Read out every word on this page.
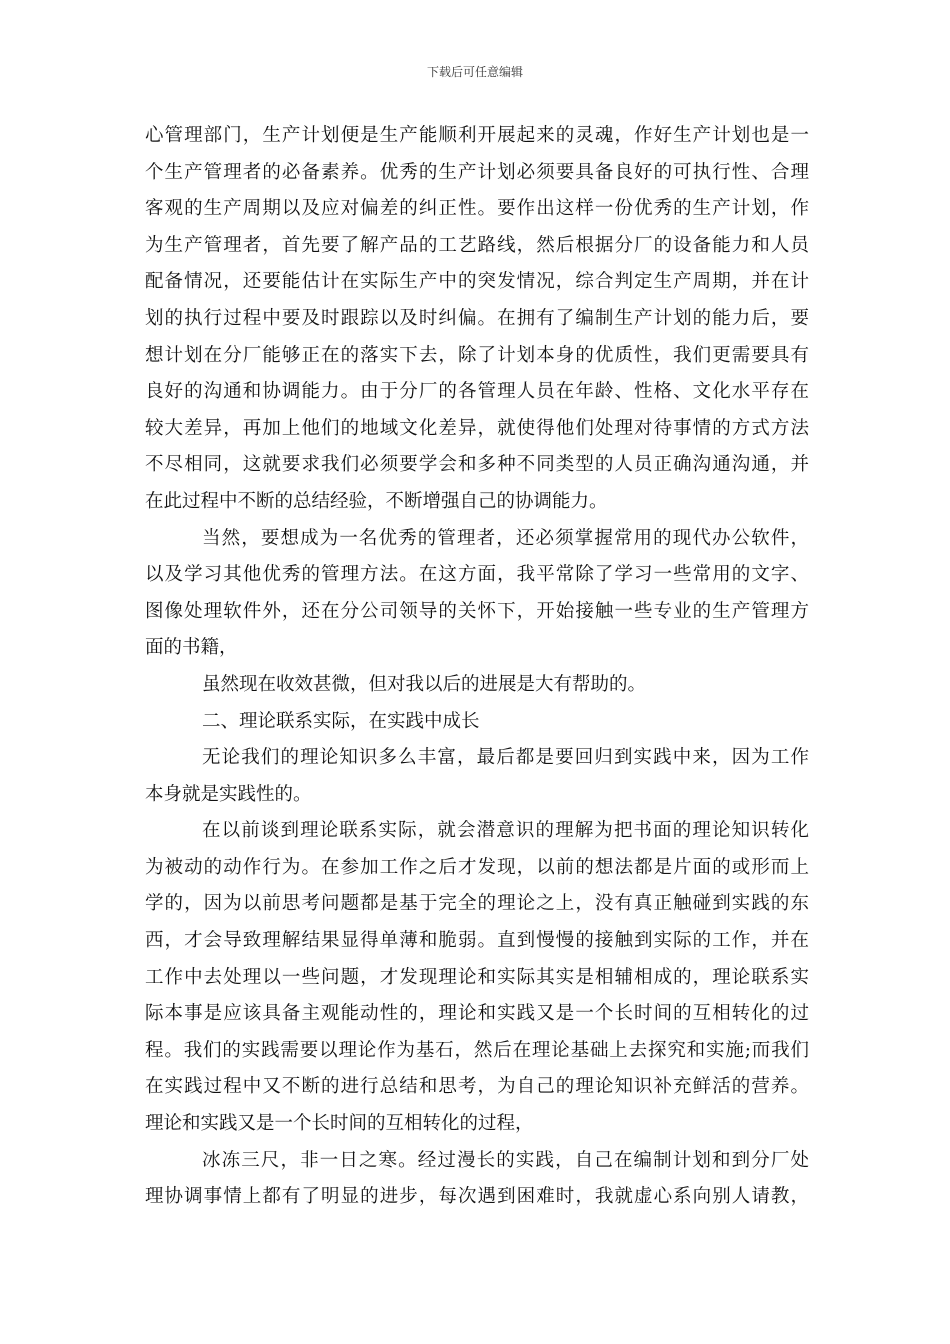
下载后可任意编辑
心管理部门，生产计划便是生产能顺利开展起来的灵魂，作好生产计划也是一
个生产管理者的必备素养。优秀的生产计划必须要具备良好的可执行性、合理
客观的生产周期以及应对偏差的纠正性。要作出这样一份优秀的生产计划，作
为生产管理者，首先要了解产品的工艺路线，然后根据分厂的设备能力和人员
配备情况，还要能估计在实际生产中的突发情况，综合判定生产周期，并在计
划的执行过程中要及时跟踪以及时纠偏。在拥有了编制生产计划的能力后，要
想计划在分厂能够正在的落实下去，除了计划本身的优质性，我们更需要具有
良好的沟通和协调能力。由于分厂的各管理人员在年龄、性格、文化水平存在
较大差异，再加上他们的地域文化差异，就使得他们处理对待事情的方式方法
不尽相同，这就要求我们必须要学会和多种不同类型的人员正确沟通沟通，并
在此过程中不断的总结经验，不断增强自己的协调能力。
当然，要想成为一名优秀的管理者，还必须掌握常用的现代办公软件，
以及学习其他优秀的管理方法。在这方面，我平常除了学习一些常用的文字、
图像处理软件外，还在分公司领导的关怀下，开始接触一些专业的生产管理方
面的书籍，
虽然现在收效甚微，但对我以后的进展是大有帮助的。
二、理论联系实际，在实践中成长
无论我们的理论知识多么丰富，最后都是要回归到实践中来，因为工作
本身就是实践性的。
在以前谈到理论联系实际，就会潜意识的理解为把书面的理论知识转化
为被动的动作行为。在参加工作之后才发现，以前的想法都是片面的或形而上
学的，因为以前思考问题都是基于完全的理论之上，没有真正触碰到实践的东
西，才会导致理解结果显得单薄和脆弱。直到慢慢的接触到实际的工作，并在
工作中去处理以一些问题，才发现理论和实际其实是相辅相成的，理论联系实
际本事是应该具备主观能动性的，理论和实践又是一个长时间的互相转化的过
程。我们的实践需要以理论作为基石，然后在理论基础上去探究和实施;而我们
在实践过程中又不断的进行总结和思考，为自己的理论知识补充鲜活的营养。
理论和实践又是一个长时间的互相转化的过程，
冰冻三尺，非一日之寒。经过漫长的实践，自己在编制计划和到分厂处
理协调事情上都有了明显的进步，每次遇到困难时，我就虚心系向别人请教，
